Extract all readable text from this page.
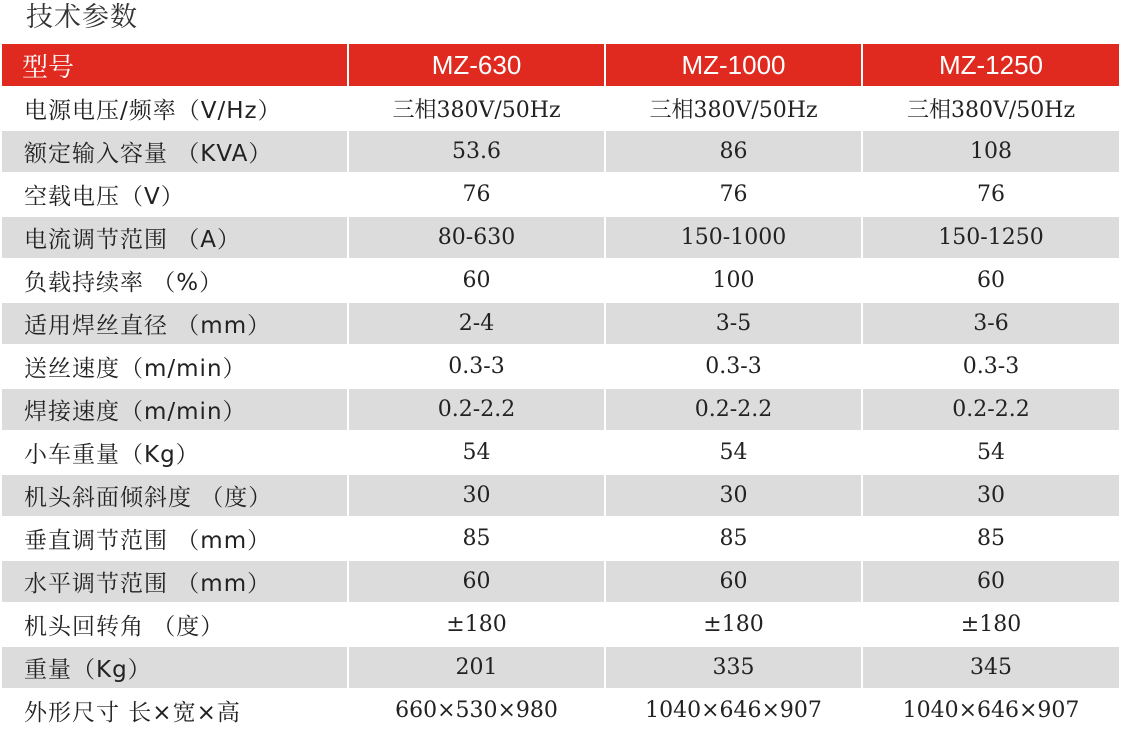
技术参数
型号	MZ-630	MZ-1000	MZ-1250
电源电压/频率（V/Hz）	三相380V/50Hz	三相380V/50Hz	三相380V/50Hz
额定输入容量 （KVA）	53.6	86	108
空载电压（V）	76	76	76
电流调节范围 （A）	80-630	150-1000	150-1250
负载持续率 （%）	60	100	60
适用焊丝直径 （mm）	2-4	3-5	3-6
送丝速度（m/min）	0.3-3	0.3-3	0.3-3
焊接速度（m/min）	0.2-2.2	0.2-2.2	0.2-2.2
小车重量（Kg）	54	54	54
机头斜面倾斜度 （度）	30	30	30
垂直调节范围 （mm）	85	85	85
水平调节范围 （mm）	60	60	60
机头回转角 （度）	±180	±180	±180
重量（Kg）	201	335	345
外形尺寸 长×宽×高	660×530×980	1040×646×907	1040×646×907
